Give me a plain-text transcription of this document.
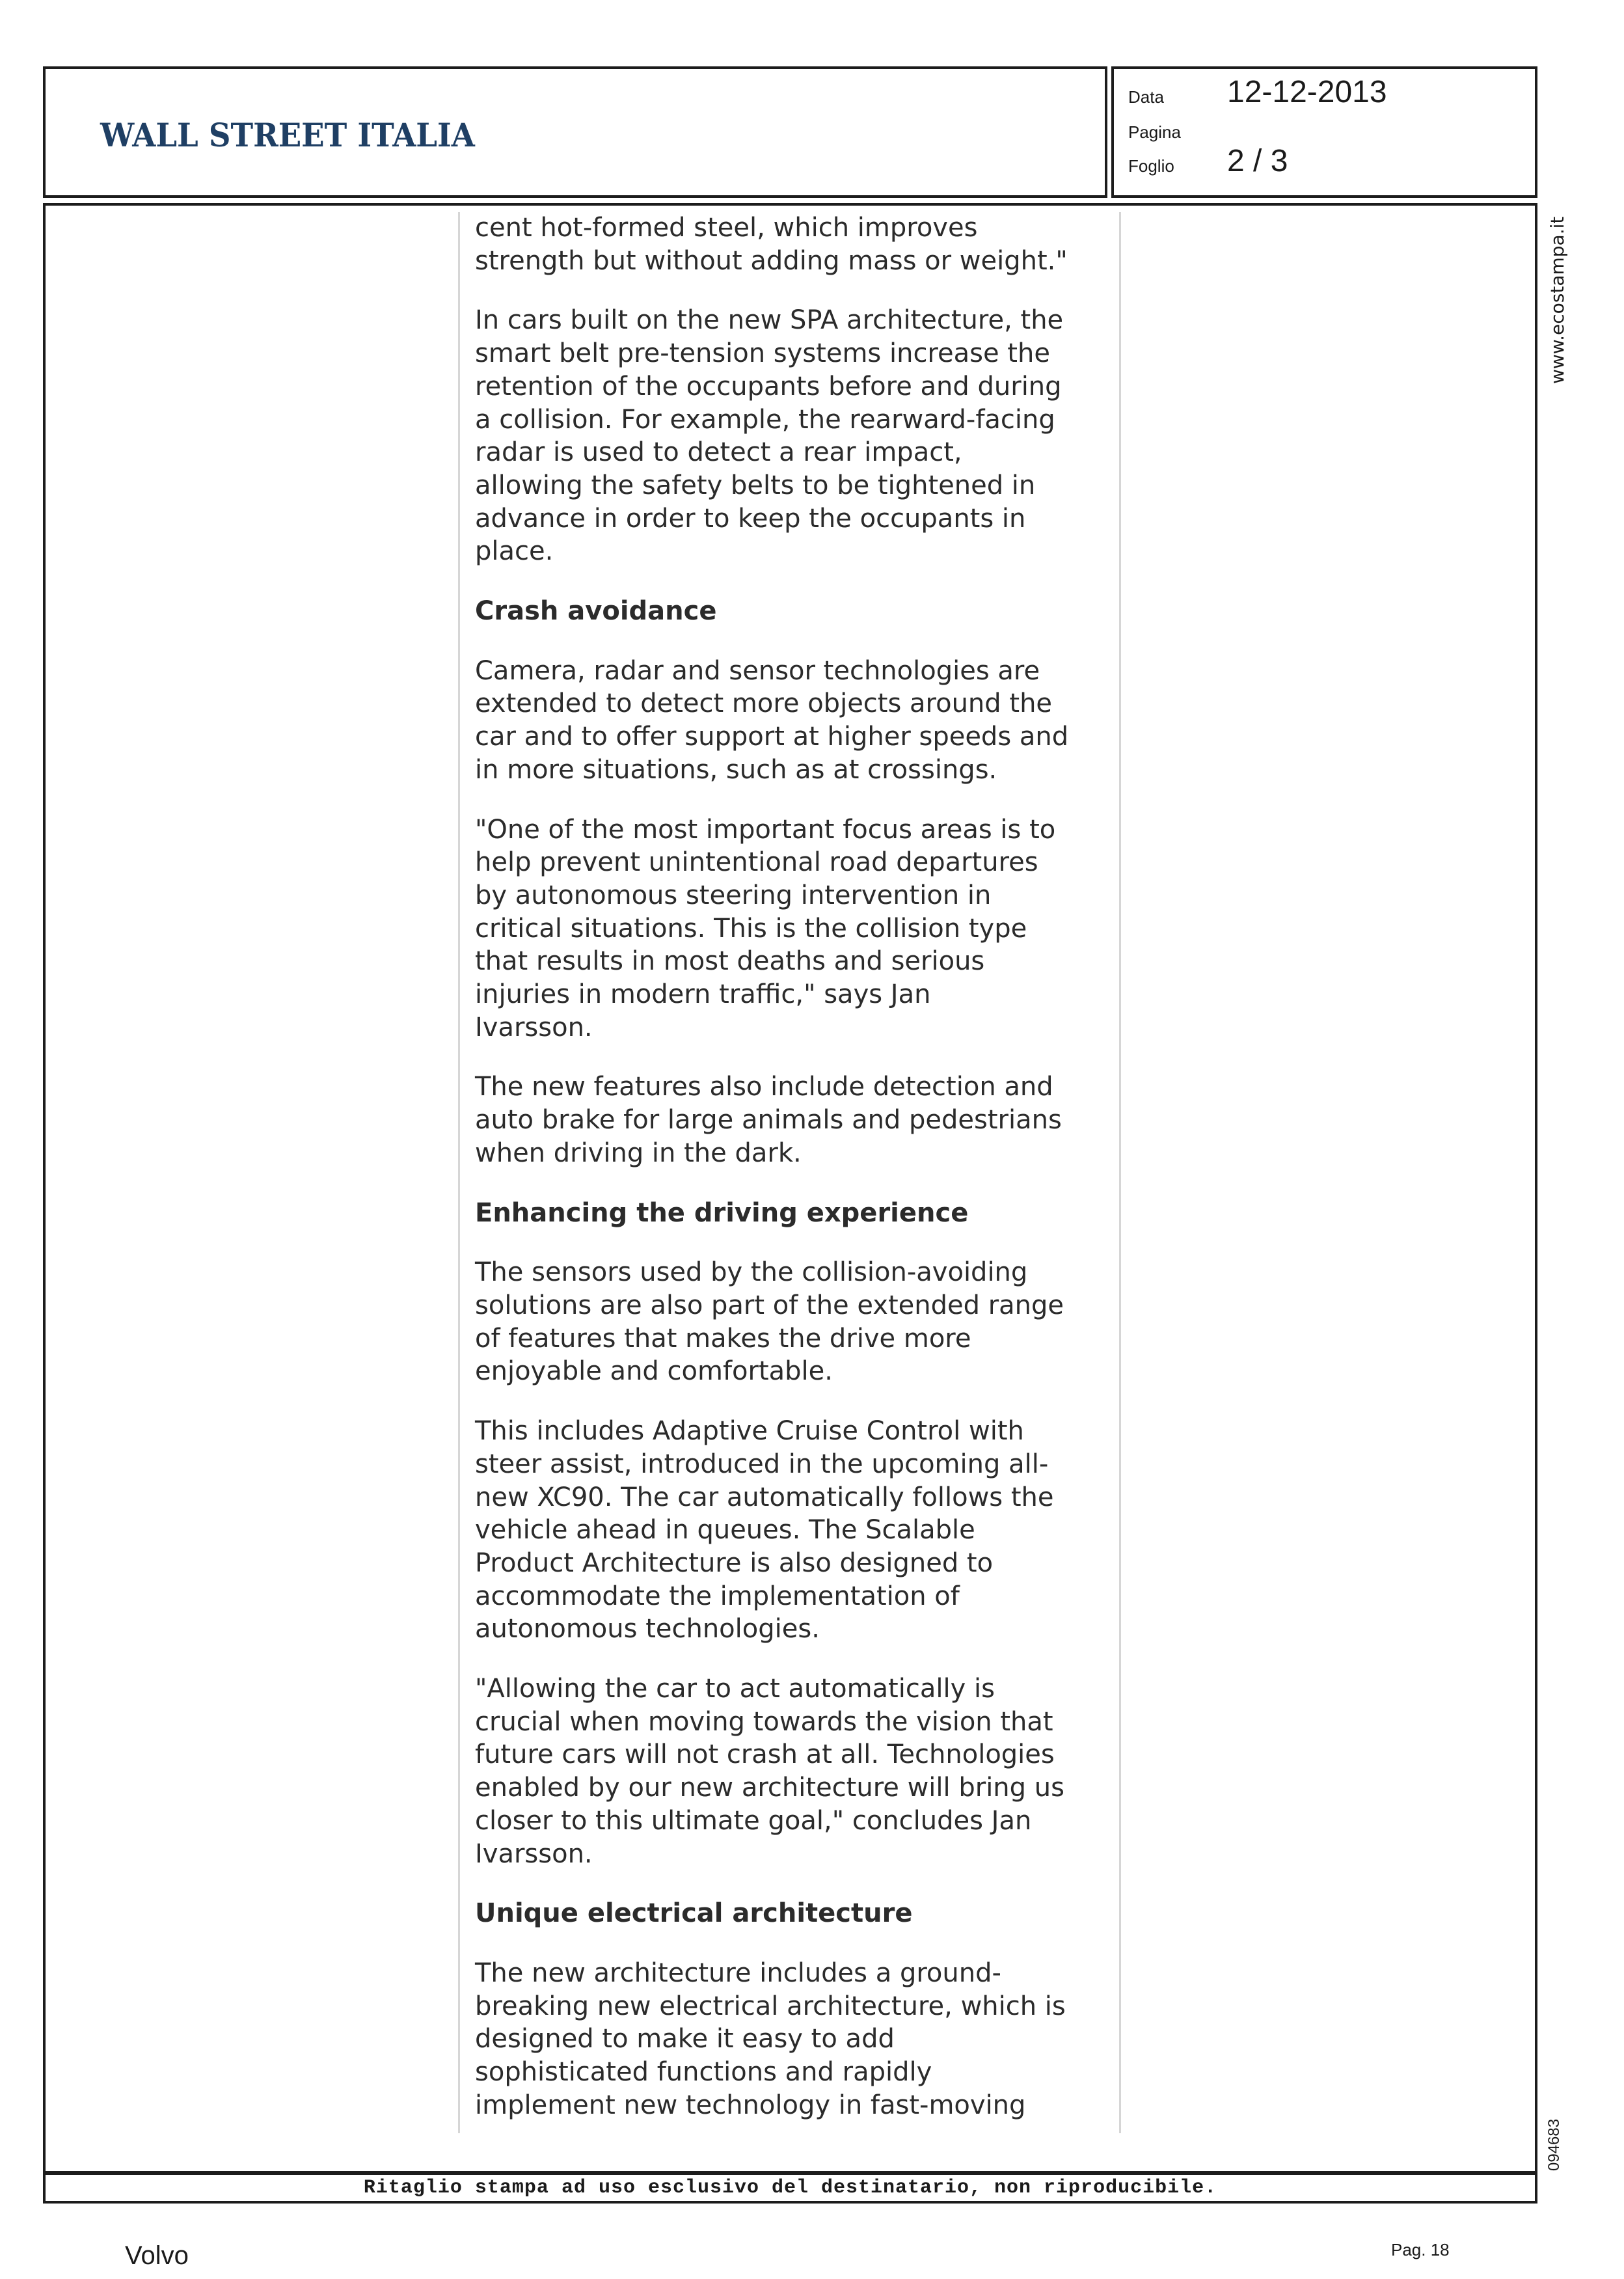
WALL STREET ITALIA
Data 12-12-2013
Pagina
Foglio 2 / 3

cent hot-formed steel, which improves
strength but without adding mass or weight."

In cars built on the new SPA architecture, the
smart belt pre-tension systems increase the
retention of the occupants before and during
a collision. For example, the rearward-facing
radar is used to detect a rear impact,
allowing the safety belts to be tightened in
advance in order to keep the occupants in
place.

Crash avoidance

Camera, radar and sensor technologies are
extended to detect more objects around the
car and to offer support at higher speeds and
in more situations, such as at crossings.

"One of the most important focus areas is to
help prevent unintentional road departures
by autonomous steering intervention in
critical situations. This is the collision type
that results in most deaths and serious
injuries in modern traffic," says Jan
Ivarsson.

The new features also include detection and
auto brake for large animals and pedestrians
when driving in the dark.

Enhancing the driving experience

The sensors used by the collision-avoiding
solutions are also part of the extended range
of features that makes the drive more
enjoyable and comfortable.

This includes Adaptive Cruise Control with
steer assist, introduced in the upcoming all-
new XC90. The car automatically follows the
vehicle ahead in queues. The Scalable
Product Architecture is also designed to
accommodate the implementation of
autonomous technologies.

"Allowing the car to act automatically is
crucial when moving towards the vision that
future cars will not crash at all. Technologies
enabled by our new architecture will bring us
closer to this ultimate goal," concludes Jan
Ivarsson.

Unique electrical architecture

The new architecture includes a ground-
breaking new electrical architecture, which is
designed to make it easy to add
sophisticated functions and rapidly
implement new technology in fast-moving

www.ecostampa.it
094683
Ritaglio stampa ad uso esclusivo del destinatario, non riproducibile.
Volvo	Pag. 18
